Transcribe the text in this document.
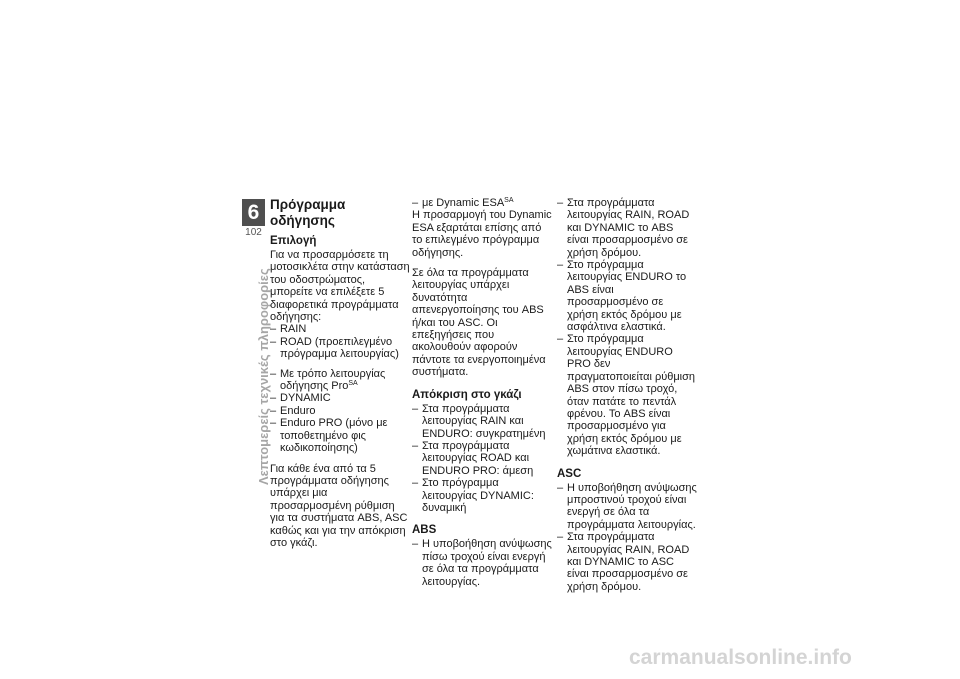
6
102
Λεπτομερείς τεχνικές πληροφορίες
Πρόγραμμα οδήγησης
Επιλογή

Για να προσαρμόσετε τη μοτοσικλέτα στην κατάσταση του οδοστρώματος, μπορείτε να επιλέξετε 5 διαφορετικά προγράμματα οδήγησης:

– RAIN
– ROAD (προεπιλεγμένο πρόγραμμα λειτουργίας)
– Με τρόπο λειτουργίας οδήγησης Pro$^{SA}$
– DYNAMIC
– Enduro
– Enduro PRO (μόνο με τοποθετημένο φις κωδικοποίησης)

Για κάθε ένα από τα 5 προγράμματα οδήγησης υπάρχει μια προσαρμοσμένη ρύθμιση για τα συστήματα ABS, ASC καθώς και για την απόκριση στο γκάζι.

– με Dynamic $ESA^{SA}$

Η προσαρμογή του Dynamic ESA εξαρτάται επίσης από το επιλεγμένο πρόγραμμα οδήγησης.

Σε όλα τα προγράμματα λειτουργίας υπάρχει δυνατότητα απενεργοποίησης του ABS ή/και του ASC. Οι επεξηγήσεις που ακολουθούν αφορούν πάντοτε τα ενεργοποιημένα συστήματα.

Απόκριση στο γκάζι
– Στα προγράμματα λειτουργίας RAIN και ENDURO: συγκρατημένη
– Στα προγράμματα λειτουργίας ROAD και ENDURO PRO: άμεση
– Στο πρόγραμμα λειτουργίας DYNAMIC: δυναμική
ABS
– Η υποβοήθηση ανύψωσης πίσω τροχού είναι ενεργή σε όλα τα προγράμματα λειτουργίας.
– Στα προγράμματα λειτουργίας RAIN, ROAD και DYNAMIC το ABS είναι προσαρμοσμένο σε χρήση δρόμου.
– Στο πρόγραμμα λειτουργίας ENDURO το ABS είναι προσαρμοσμένο σε χρήση εκτός δρόμου με ασφάλτινα ελαστικά.
– Στο πρόγραμμα λειτουργίας ENDURO PRO δεν πραγματοποιείται ρύθμιση ABS στον πίσω τροχό, όταν πατάτε το πεντάλ φρένου. Το ABS είναι προσαρμοσμένο για χρήση εκτός δρόμου με χωμάτινα ελαστικά.
ASC
– Η υποβοήθηση ανύψωσης μπροστινού τροχού είναι ενεργή σε όλα τα προγράμματα λειτουργίας.
– Στα προγράμματα λειτουργίας RAIN, ROAD και DYNAMIC το ASC είναι προσαρμοσμένο σε χρήση δρόμου.
carmanualsonline.info
